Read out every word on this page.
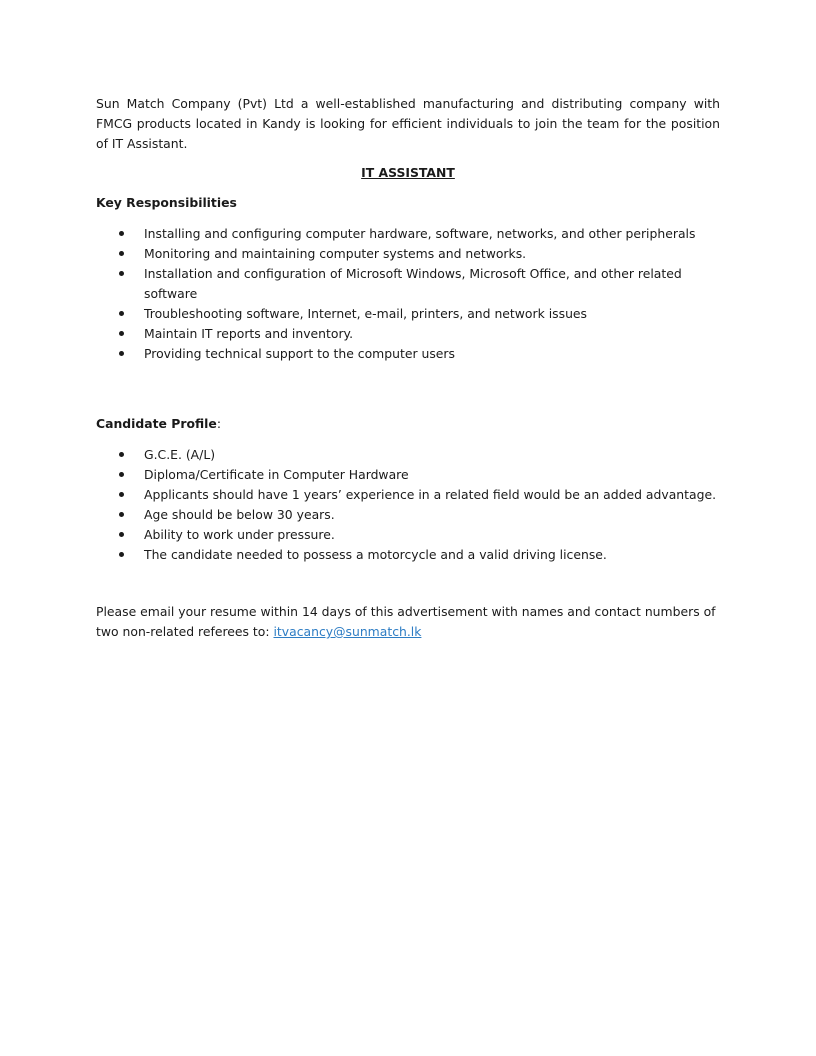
Sun Match Company (Pvt) Ltd a well-established manufacturing and distributing company with FMCG products located in Kandy is looking for efficient individuals to join the team for the position of IT Assistant.

IT ASSISTANT
Key Responsibilities
Installing and configuring computer hardware, software, networks, and other peripherals
Monitoring and maintaining computer systems and networks.
Installation and configuration of Microsoft Windows, Microsoft Office, and other related software
Troubleshooting software, Internet, e-mail, printers, and network issues
Maintain IT reports and inventory.
Providing technical support to the computer users
Candidate Profile:
G.C.E. (A/L)
Diploma/Certificate in Computer Hardware
Applicants should have 1 years’ experience in a related field would be an added advantage.
Age should be below 30 years.
Ability to work under pressure.
The candidate needed to possess a motorcycle and a valid driving license.

Please email your resume within 14 days of this advertisement with names and contact numbers of two non-related referees to: itvacancy@sunmatch.lk
